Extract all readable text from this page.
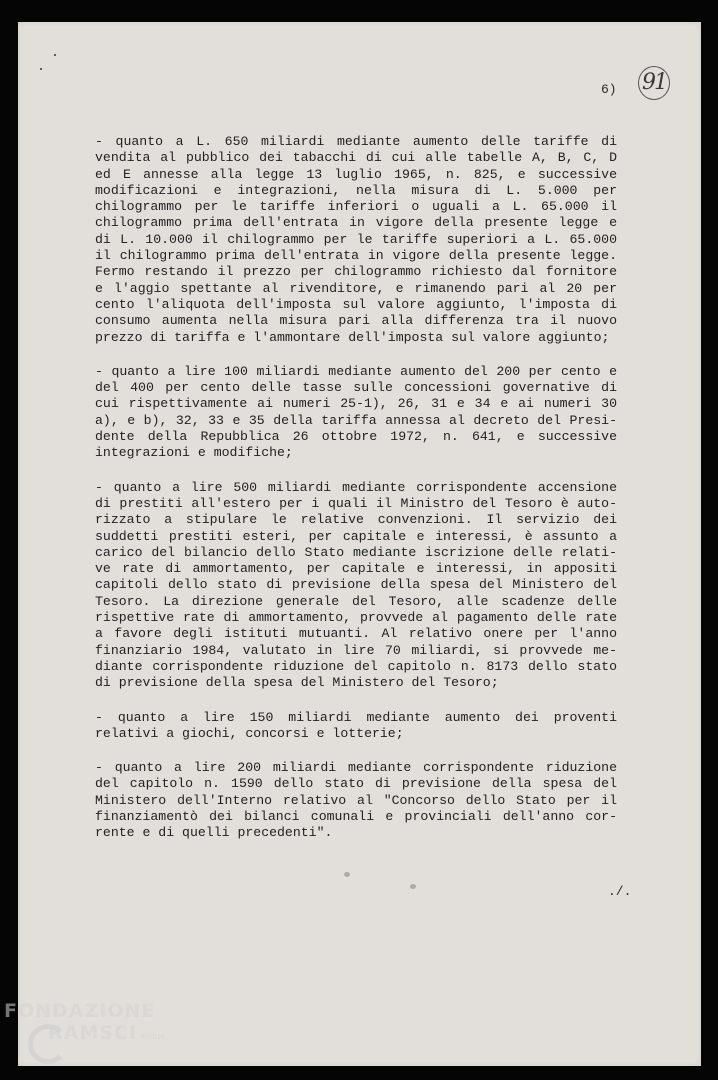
6) 91
- quanto a L. 650 miliardi mediante aumento delle tariffe di
vendita al pubblico dei tabacchi di cui alle tabelle A, B, C, D
ed E annesse alla legge 13 luglio 1965, n. 825, e successive
modificazioni e integrazioni, nella misura di L. 5.000 per
chilogrammo per le tariffe inferiori o uguali a L. 65.000 il
chilogrammo prima dell'entrata in vigore della presente legge e
di L. 10.000 il chilogrammo per le tariffe superiori a L. 65.000
il chilogrammo prima dell'entrata in vigore della presente legge.
Fermo restando il prezzo per chilogrammo richiesto dal fornitore
e l'aggio spettante al rivenditore, e rimanendo pari al 20 per
cento l'aliquota dell'imposta sul valore aggiunto, l'imposta di
consumo aumenta nella misura pari alla differenza tra il nuovo
prezzo di tariffa e l'ammontare dell'imposta sul valore aggiunto;
- quanto a lire 100 miliardi mediante aumento del 200 per cento e
del 400 per cento delle tasse sulle concessioni governative di
cui rispettivamente ai numeri 25-1), 26, 31 e 34 e ai numeri 30
a), e b), 32, 33 e 35 della tariffa annessa al decreto del Presi-
dente della Repubblica 26 ottobre 1972, n. 641, e successive
integrazioni e modifiche;
- quanto a lire 500 miliardi mediante corrispondente accensione
di prestiti all'estero per i quali il Ministro del Tesoro è auto-
rizzato a stipulare le relative convenzioni. Il servizio dei
suddetti prestiti esteri, per capitale e interessi, è assunto a
carico del bilancio dello Stato mediante iscrizione delle relati-
ve rate di ammortamento, per capitale e interessi, in appositi
capitoli dello stato di previsione della spesa del Ministero del
Tesoro. La direzione generale del Tesoro, alle scadenze delle
rispettive rate di ammortamento, provvede al pagamento delle rate
a favore degli istituti mutuanti. Al relativo onere per l'anno
finanziario 1984, valutato in lire 70 miliardi, si provvede me-
diante corrispondente riduzione del capitolo n. 8173 dello stato
di previsione della spesa del Ministero del Tesoro;
- quanto a lire 150 miliardi mediante aumento dei proventi
relativi a giochi, concorsi e lotterie;
- quanto a lire 200 miliardi mediante corrispondente riduzione
del capitolo n. 1590 dello stato di previsione della spesa del
Ministero dell'Interno relativo al "Concorso dello Stato per il
finanziamentò dei bilanci comunali e provinciali dell'anno cor-
rente e di quelli precedenti".
./.
FONDAZIONE
RAMSCI onlus
